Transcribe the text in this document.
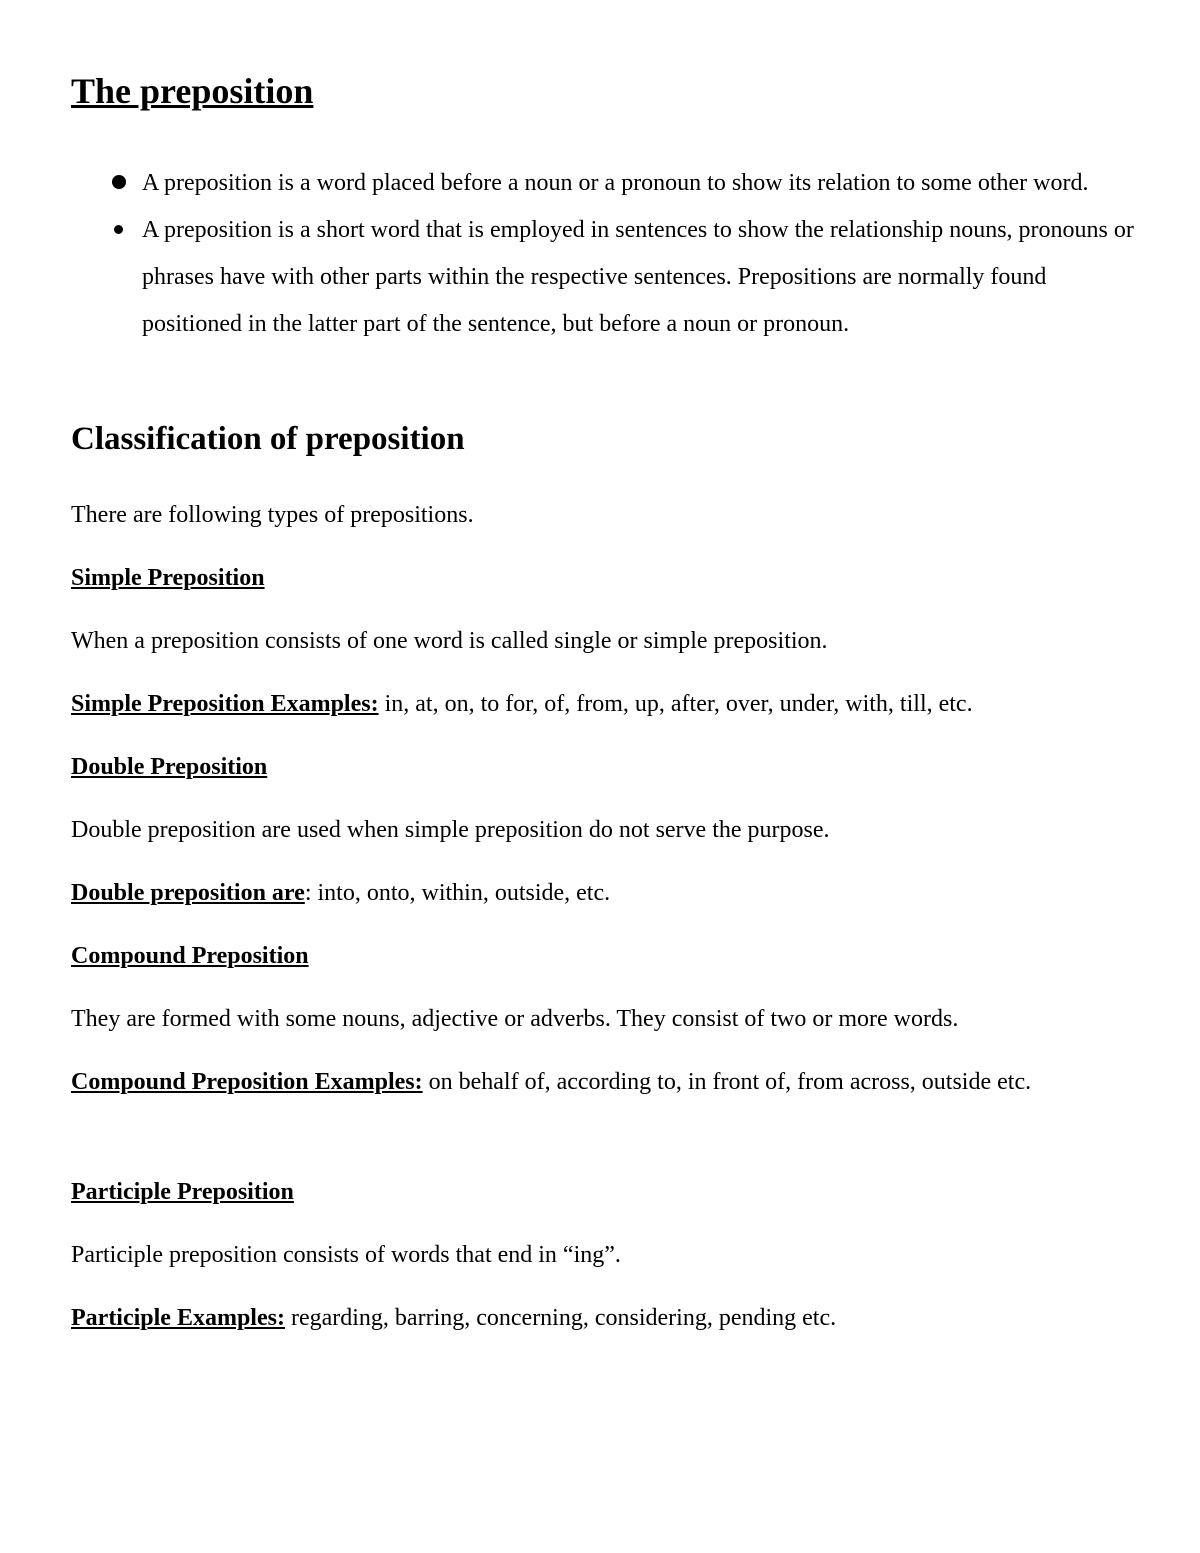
The preposition
A preposition is a word placed before a noun or a pronoun to show its relation to some other word.
A preposition is a short word that is employed in sentences to show the relationship nouns, pronouns or phrases have with other parts within the respective sentences. Prepositions are normally found positioned in the latter part of the sentence, but before a noun or pronoun.
Classification of preposition

There are following types of prepositions.

Simple Preposition

When a preposition consists of one word is called single or simple preposition.

Simple Preposition Examples: in, at, on, to for, of, from, up, after, over, under, with, till, etc.

Double Preposition

Double preposition are used when simple preposition do not serve the purpose.

Double preposition are: into, onto, within, outside, etc.

Compound Preposition

They are formed with some nouns, adjective or adverbs. They consist of two or more words.

Compound Preposition Examples: on behalf of, according to, in front of, from across, outside etc.

Participle Preposition

Participle preposition consists of words that end in “ing”.

Participle Examples: regarding, barring, concerning, considering, pending etc.
